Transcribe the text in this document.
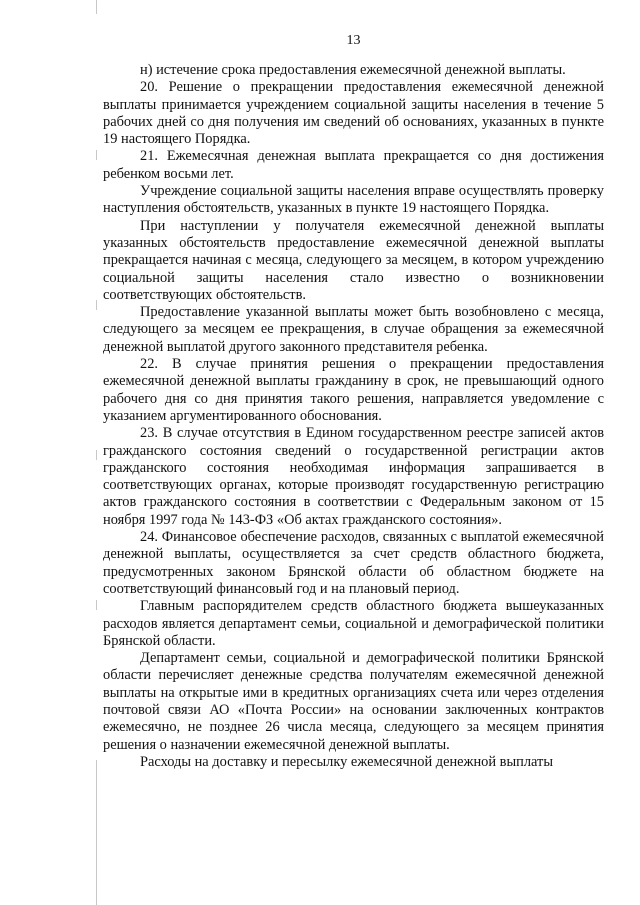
13

н) истечение срока предоставления ежемесячной денежной выплаты.

20. Решение о прекращении предоставления ежемесячной денежной выплаты принимается учреждением социальной защиты населения в течение 5 рабочих дней со дня получения им сведений об основаниях, указанных в пункте 19 настоящего Порядка.

21. Ежемесячная денежная выплата прекращается со дня достижения ребенком восьми лет.

Учреждение социальной защиты населения вправе осуществлять проверку наступления обстоятельств, указанных в пункте 19 настоящего Порядка.

При наступлении у получателя ежемесячной денежной выплаты указанных обстоятельств предоставление ежемесячной денежной выплаты прекращается начиная с месяца, следующего за месяцем, в котором учреждению социальной защиты населения стало известно о возникновении соответствующих обстоятельств.

Предоставление указанной выплаты может быть возобновлено с месяца, следующего за месяцем ее прекращения, в случае обращения за ежемесячной денежной выплатой другого законного представителя ребенка.

22. В случае принятия решения о прекращении предоставления ежемесячной денежной выплаты гражданину в срок, не превышающий одного рабочего дня со дня принятия такого решения, направляется уведомление с указанием аргументированного обоснования.

23. В случае отсутствия в Едином государственном реестре записей актов гражданского состояния сведений о государственной регистрации актов гражданского состояния необходимая информация запрашивается в соответствующих органах, которые производят государственную регистрацию актов гражданского состояния в соответствии с Федеральным законом от 15 ноября 1997 года № 143-ФЗ «Об актах гражданского состояния».

24. Финансовое обеспечение расходов, связанных с выплатой ежемесячной денежной выплаты, осуществляется за счет средств областного бюджета, предусмотренных законом Брянской области об областном бюджете на соответствующий финансовый год и на плановый период.

Главным распорядителем средств областного бюджета вышеуказанных расходов является департамент семьи, социальной и демографической политики Брянской области.

Департамент семьи, социальной и демографической политики Брянской области перечисляет денежные средства получателям ежемесячной денежной выплаты на открытые ими в кредитных организациях счета или через отделения почтовой связи АО «Почта России» на основании заключенных контрактов ежемесячно, не позднее 26 числа месяца, следующего за месяцем принятия решения о назначении ежемесячной денежной выплаты.

Расходы на доставку и пересылку ежемесячной денежной выплаты
